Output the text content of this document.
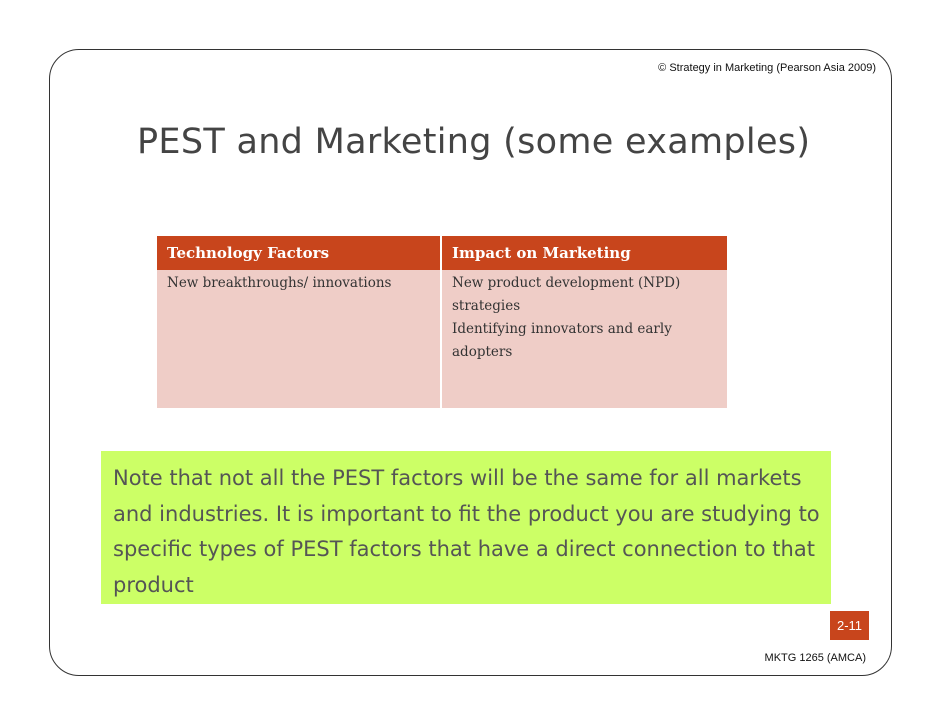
© Strategy in Marketing (Pearson Asia 2009)
PEST and Marketing (some examples)
Technology Factors	Impact on Marketing
New breakthroughs/ innovations	New product development (NPD)
strategies
Identifying innovators and early
adopters

Note that not all the PEST factors will be the same for all markets and industries. It is important to fit the product you are studying to specific types of PEST factors that have a direct connection to that product

2-11
MKTG 1265 (AMCA)
